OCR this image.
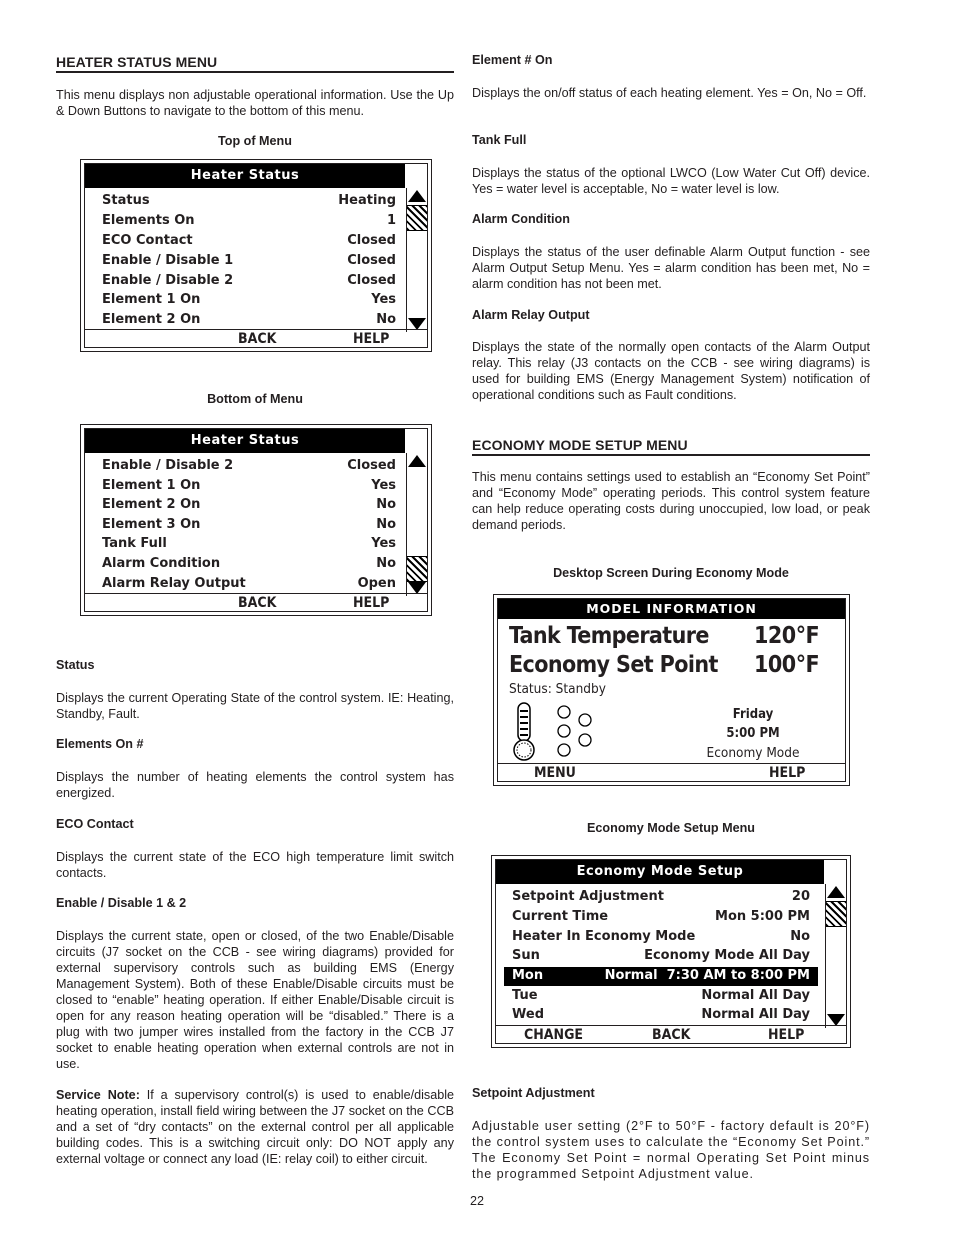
HEATER STATUS MENU

This menu displays non adjustable operational information. Use the Up & Down Buttons to navigate to the bottom of this menu.

Top of Menu
Heater Status
Status	Heating
Elements On	1
ECO Contact	Closed
Enable / Disable 1	Closed
Enable / Disable 2	Closed
Element 1 On	Yes
Element 2 On	No
BACK	HELP
Bottom of Menu
Heater Status
Enable / Disable 2	Closed
Element 1 On	Yes
Element 2 On	No
Element 3 On	No
Tank Full	Yes
Alarm Condition	No
Alarm Relay Output	Open
BACK	HELP

Status

Displays the current Operating State of the control system. IE: Heating, Standby, Fault.

Elements On #

Displays the number of heating elements the control system has energized.

ECO Contact

Displays the current state of the ECO high temperature limit switch contacts.

Enable / Disable 1 & 2

Displays the current state, open or closed, of the two Enable/Disable circuits (J7 socket on the CCB - see wiring diagrams) provided for external supervisory controls such as building EMS (Energy Management System). Both of these Enable/Disable circuits must be closed to “enable” heating operation. If either Enable/Disable circuit is open for any reason heating operation will be “disabled.” There is a plug with two jumper wires installed from the factory in the CCB J7 socket to enable heating operation when external controls are not in use.

Service Note: If a supervisory control(s) is used to enable/disable heating operation, install field wiring between the J7 socket on the CCB and a set of “dry contacts” on the external control per all applicable building codes. This is a switching circuit only: DO NOT apply any external voltage or connect any load (IE: relay coil) to either circuit.

Element # On

Displays the on/off status of each heating element. Yes = On, No = Off.

Tank Full

Displays the status of the optional LWCO (Low Water Cut Off) device. Yes = water level is acceptable, No = water level is low.

Alarm Condition

Displays the status of the user definable Alarm Output function - see Alarm Output Setup Menu. Yes = alarm condition has been met, No = alarm condition has not been met.

Alarm Relay Output

Displays the state of the normally open contacts of the Alarm Output relay. This relay (J3 contacts on the CCB - see wiring diagrams) is used for building EMS (Energy Management System) notification of operational conditions such as Fault conditions.

ECONOMY MODE SETUP MENU

This menu contains settings used to establish an “Economy Set Point” and “Economy Mode” operating periods. This control system feature can help reduce operating costs during unoccupied, low load, or peak demand periods.

Desktop Screen During Economy Mode
MODEL INFORMATION
Tank Temperature 120°F
Economy Set Point 100°F
Status: Standby
Friday
5:00 PM
Economy Mode
MENU	HELP
Economy Mode Setup Menu
Economy Mode Setup
Setpoint Adjustment	20
Current Time	Mon 5:00 PM
Heater In Economy Mode	No
Sun	Economy Mode All Day
Mon	Normal  7:30 AM to 8:00 PM
Tue	Normal All Day
Wed	Normal All Day
CHANGE	BACK	HELP

Setpoint Adjustment

Adjustable user setting (2°F to 50°F - factory default is 20°F) the control system uses to calculate the “Economy Set Point.” The Economy Set Point = normal Operating Set Point minus the programmed Setpoint Adjustment value.

22
